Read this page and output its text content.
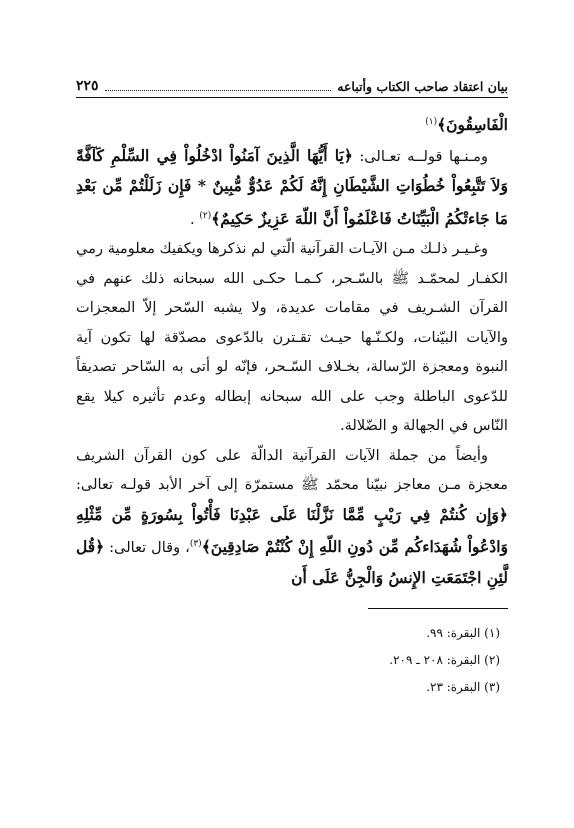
بيان اعتقاد صاحب الكتاب وأتباعه
٢٢٥

الْفَاسِقُونَ﴾$^{(١)}$

ومـنـها قولــه تعـالى: ﴿يَا أَيُّهَا الَّذِينَ آمَنُواْ ادْخُلُواْ فِي السِّلْمِ كَآفَّةً وَلاَ تَتَّبِعُواْ خُطُوَاتِ الشَّيْطَانِ إِنَّهُ لَكُمْ عَدُوٌّ مُّبِينٌ * فَإِن زَلَلْتُمْ مِّن بَعْدِ مَا جَاءتْكُمُ الْبَيِّنَاتُ فَاعْلَمُواْ أَنَّ اللّهَ عَزِيزٌ حَكِيمٌ﴾$^{(٢)}$ .

وغـيـر ذلـك مـن الآيـات القرآنية الّتي لم نذكرها ويكفيك معلومية رمي الكفـار لمحمّـد ﷺ بالسّـحر، كـمـا حكـى الله سبحانه ذلك عنهم في القرآن الشـريف في مقامات عديدة، ولا يشبه السّحر إلاّ المعجزات والآيات البيّنات، ولكـنّـها حيـث تقـترن بالدّعوى مصدّقة لها تكون آية النبوة ومعجزة الرّسالة، بخـلاف السّـحر، فإنّه لو أتى به السّاحر تصديقاً للدّعوى الباطلة وجب على الله سبحانه إبطاله وعدم تأثيره كيلا يقع النّاس في الجهالة و الضّلالة.

وأيضاً من جملة الآيات القرآنية الدالّة على كون القرآن الشريف معجزة مـن معاجز نبيّنا محمّد ﷺ مستمرّة إلى آخر الأبد قولـه تعالى: ﴿وَإِن كُنتُمْ فِي رَيْبٍ مِّمَّا نَزَّلْنَا عَلَى عَبْدِنَا فَأْتُواْ بِسُورَةٍ مِّن مِّثْلِهِ وَادْعُواْ شُهَدَاءكُم مِّن دُونِ اللّهِ إِنْ كُنْتُمْ صَادِقِينَ﴾$^{(٣)}$، وقال تعالى: ﴿قُل لَّئِنِ اجْتَمَعَتِ الإِنسُ وَالْجِنُّ عَلَى أَن

(١) البقرة: ٩٩.
(٢) البقرة: ٢٠٨ ـ ٢٠٩.
(٣) البقرة: ٢٣.
